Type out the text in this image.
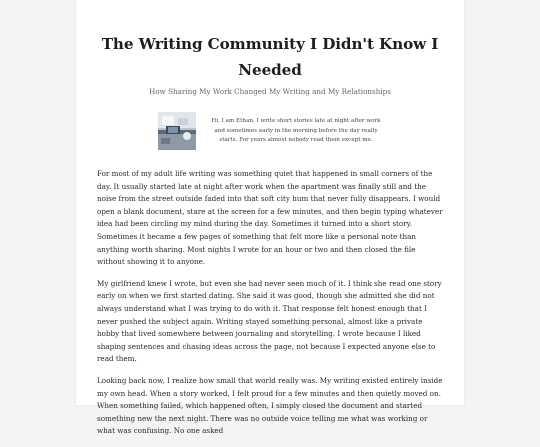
The Writing Community I Didn't Know I Needed
How Sharing My Work Changed My Writing and My Relationships
Hi, I am Ethan. I write short stories late at night after work and sometimes early in the morning before the day really starts. For years almost nobody read them except me.

For most of my adult life writing was something quiet that happened in small corners of the day. It usually started late at night after work when the apartment was finally still and the noise from the street outside faded into that soft city hum that never fully disappears. I would open a blank document, stare at the screen for a few minutes, and then begin typing whatever idea had been circling my mind during the day. Sometimes it turned into a short story. Sometimes it became a few pages of something that felt more like a personal note than anything worth sharing. Most nights I wrote for an hour or two and then closed the file without showing it to anyone.

My girlfriend knew I wrote, but even she had never seen much of it. I think she read one story early on when we first started dating. She said it was good, though she admitted she did not always understand what I was trying to do with it. That response felt honest enough that I never pushed the subject again. Writing stayed something personal, almost like a private hobby that lived somewhere between journaling and storytelling. I wrote because I liked shaping sentences and chasing ideas across the page, not because I expected anyone else to read them.

Looking back now, I realize how small that world really was. My writing existed entirely inside my own head. When a story worked, I felt proud for a few minutes and then quietly moved on. When something failed, which happened often, I simply closed the document and started something new the next night. There was no outside voice telling me what was working or what was confusing. No one asked
